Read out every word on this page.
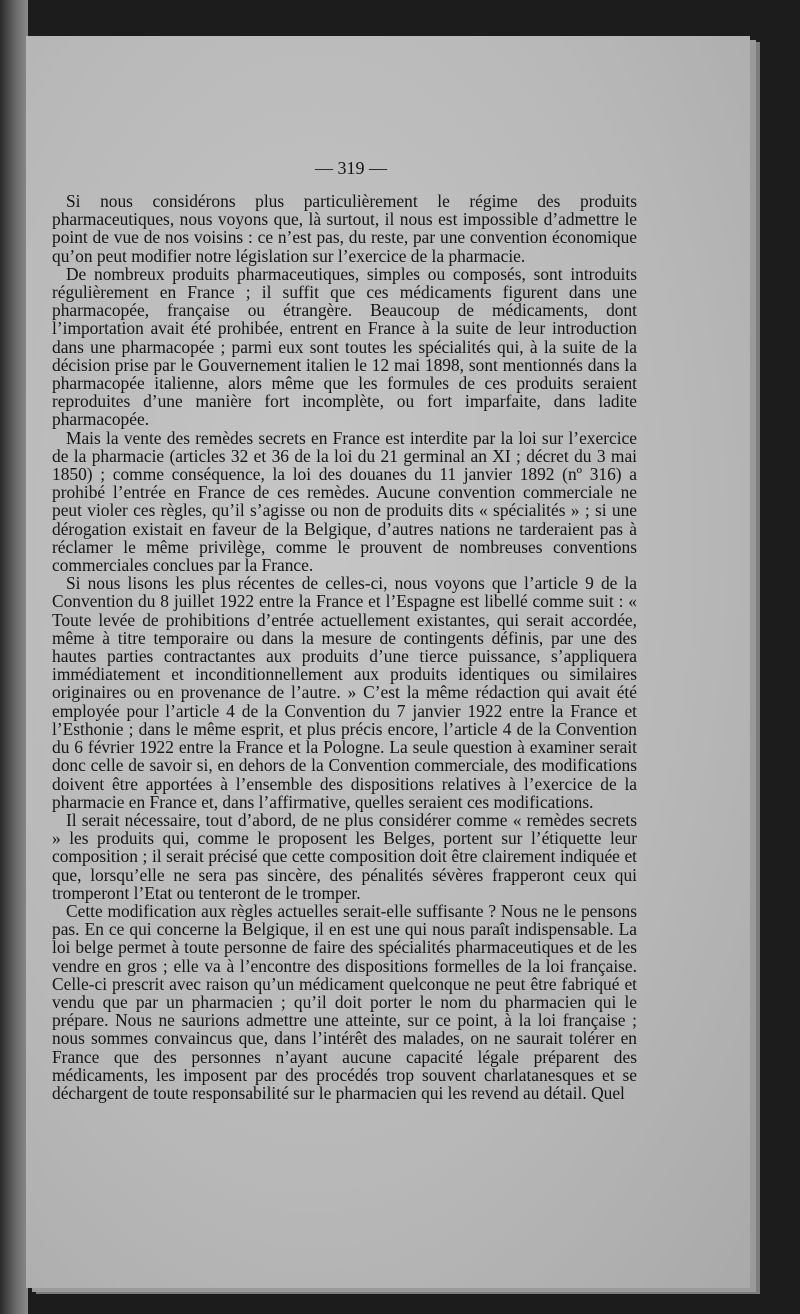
— 319 —

Si nous considérons plus particulièrement le régime des produits pharmaceutiques, nous voyons que, là surtout, il nous est impossible d’admettre le point de vue de nos voisins : ce n’est pas, du reste, par une convention économique qu’on peut modifier notre législation sur l’exercice de la pharmacie.

De nombreux produits pharmaceutiques, simples ou composés, sont introduits régulièrement en France ; il suffit que ces médicaments figurent dans une pharmacopée, française ou étrangère. Beaucoup de médicaments, dont l’importation avait été prohibée, entrent en France à la suite de leur introduction dans une pharmacopée ; parmi eux sont toutes les spécialités qui, à la suite de la décision prise par le Gouvernement italien le 12 mai 1898, sont mentionnés dans la pharmacopée italienne, alors même que les formules de ces produits seraient reproduites d’une manière fort incomplète, ou fort imparfaite, dans ladite pharmacopée.

Mais la vente des remèdes secrets en France est interdite par la loi sur l’exercice de la pharmacie (articles 32 et 36 de la loi du 21 germinal an XI ; décret du 3 mai 1850) ; comme conséquence, la loi des douanes du 11 janvier 1892 (nº 316) a prohibé l’entrée en France de ces remèdes. Aucune convention commerciale ne peut violer ces règles, qu’il s’agisse ou non de produits dits « spécialités » ; si une dérogation existait en faveur de la Belgique, d’autres nations ne tarderaient pas à réclamer le même privilège, comme le prouvent de nombreuses conventions commerciales conclues par la France.

Si nous lisons les plus récentes de celles-ci, nous voyons que l’article 9 de la Convention du 8 juillet 1922 entre la France et l’Espagne est libellé comme suit : « Toute levée de prohibitions d’entrée actuellement existantes, qui serait accordée, même à titre temporaire ou dans la mesure de contingents définis, par une des hautes parties contractantes aux produits d’une tierce puissance, s’appliquera immédiatement et inconditionnellement aux produits identiques ou similaires originaires ou en provenance de l’autre. » C’est la même rédaction qui avait été employée pour l’article 4 de la Convention du 7 janvier 1922 entre la France et l’Esthonie ; dans le même esprit, et plus précis encore, l’article 4 de la Convention du 6 février 1922 entre la France et la Pologne. La seule question à examiner serait donc celle de savoir si, en dehors de la Convention commerciale, des modifications doivent être apportées à l’ensemble des dispositions relatives à l’exercice de la pharmacie en France et, dans l’affirmative, quelles seraient ces modifications.

Il serait nécessaire, tout d’abord, de ne plus considérer comme « remèdes secrets » les produits qui, comme le proposent les Belges, portent sur l’étiquette leur composition ; il serait précisé que cette composition doit être clairement indiquée et que, lorsqu’elle ne sera pas sincère, des pénalités sévères frapperont ceux qui tromperont l’Etat ou tenteront de le tromper.

Cette modification aux règles actuelles serait-elle suffisante ? Nous ne le pensons pas. En ce qui concerne la Belgique, il en est une qui nous paraît indispensable. La loi belge permet à toute personne de faire des spécialités pharmaceutiques et de les vendre en gros ; elle va à l’encontre des dispositions formelles de la loi française. Celle-ci prescrit avec raison qu’un médicament quelconque ne peut être fabriqué et vendu que par un pharmacien ; qu’il doit porter le nom du pharmacien qui le prépare. Nous ne saurions admettre une atteinte, sur ce point, à la loi française ; nous sommes convaincus que, dans l’intérêt des malades, on ne saurait tolérer en France que des personnes n’ayant aucune capacité légale préparent des médicaments, les imposent par des procédés trop souvent charlatanesques et se déchargent de toute responsabilité sur le pharmacien qui les revend au détail. Quel
